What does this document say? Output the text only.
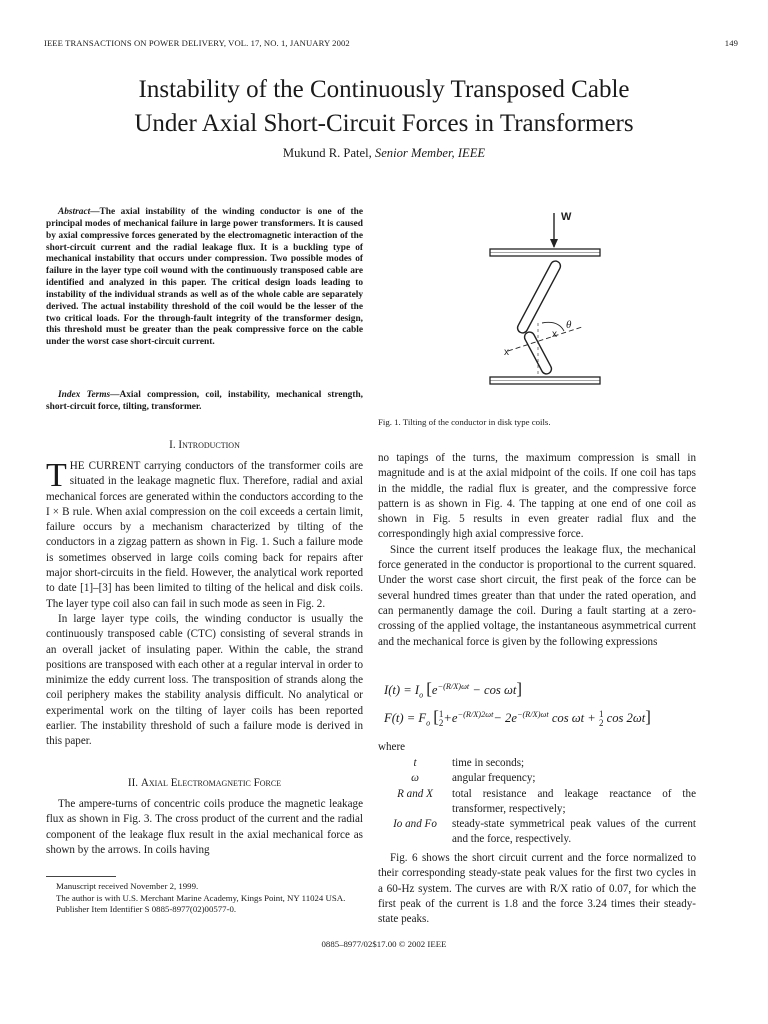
IEEE TRANSACTIONS ON POWER DELIVERY, VOL. 17, NO. 1, JANUARY 2002	149
Instability of the Continuously Transposed Cable
Under Axial Short-Circuit Forces in Transformers
Mukund R. Patel, Senior Member, IEEE
Abstract—The axial instability of the winding conductor is one of the principal modes of mechanical failure in large power transformers. It is caused by axial compressive forces generated by the electromagnetic interaction of the short-circuit current and the radial leakage flux. It is a buckling type of mechanical instability that occurs under compression. Two possible modes of failure in the layer type coil wound with the continuously transposed cable are identified and analyzed in this paper. The critical design loads leading to instability of the individual strands as well as of the whole cable are separately derived. The actual instability threshold of the coil would be the lesser of the two critical loads. For the through-fault integrity of the transformer design, this threshold must be greater than the peak compressive force on the cable under the worst case short-circuit current.
Index Terms—Axial compression, coil, instability, mechanical strength, short-circuit force, tilting, transformer.
W
θ
x
x
Fig. 1. Tilting of the conductor in disk type coils.
I. Introduction

THE CURRENT carrying conductors of the transformer coils are situated in the leakage magnetic flux. Therefore, radial and axial mechanical forces are generated within the conductors according to the I × B rule. When axial compression on the coil exceeds a certain limit, failure occurs by a mechanism characterized by tilting of the conductors in a zigzag pattern as shown in Fig. 1. Such a failure mode is sometimes observed in large coils coming back for repairs after major short-circuits in the field. However, the analytical work reported to date [1]–[3] has been limited to tilting of the helical and disk coils. The layer type coil also can fail in such mode as seen in Fig. 2.

In large layer type coils, the winding conductor is usually the continuously transposed cable (CTC) consisting of several strands in an overall jacket of insulating paper. Within the cable, the strand positions are transposed with each other at a regular interval in order to minimize the eddy current loss. The transposition of strands along the coil periphery makes the stability analysis difficult. No analytical or experimental work on the tilting of layer coils has been reported earlier. The instability threshold of such a failure mode is derived in this paper.

II. Axial Electromagnetic Force

The ampere-turns of concentric coils produce the magnetic leakage flux as shown in Fig. 3. The cross product of the current and the radial component of the leakage flux result in the axial mechanical force as shown by the arrows. In coils having

Manuscript received November 2, 1999.

The author is with U.S. Merchant Marine Academy, Kings Point, NY 11024 USA.

Publisher Item Identifier S 0885-8977(02)00577-0.

no tapings of the turns, the maximum compression is small in magnitude and is at the axial midpoint of the coils. If one coil has taps in the middle, the radial flux is greater, and the compressive force pattern is as shown in Fig. 4. The tapping at one end of one coil as shown in Fig. 5 results in even greater radial flux and the correspondingly high axial compressive force.

Since the current itself produces the leakage flux, the mechanical force generated in the conductor is proportional to the current squared. Under the worst case short circuit, the first peak of the force can be several hundred times greater than that under the rated operation, and can permanently damage the coil. During a fault starting at a zero-crossing of the applied voltage, the instantaneous asymmetrical current and the mechanical force is given by the following expressions

$I(t) = I_o$ $[e^{-(R/X)\omega t} - \cos \omega t]$
$F(t) = F_o$ [1
$2+e^{-(R/X)2\omega t}- 2e^{-(R/X)\omega t}$ cos ωt + 1
2 cos 2ωt]
where
t	time in seconds;
ω	angular frequency;
R and X	total resistance and leakage reactance of the transformer, respectively;
Io and Fo	steady-state symmetrical peak values of the current and the force, respectively.

Fig. 6 shows the short circuit current and the force normalized to their corresponding steady-state peak values for the first two cycles in a 60-Hz system. The curves are with R/X ratio of 0.07, for which the first peak of the current is 1.8 and the force 3.24 times their steady-state peaks.

0885–8977/02$17.00 © 2002 IEEE
